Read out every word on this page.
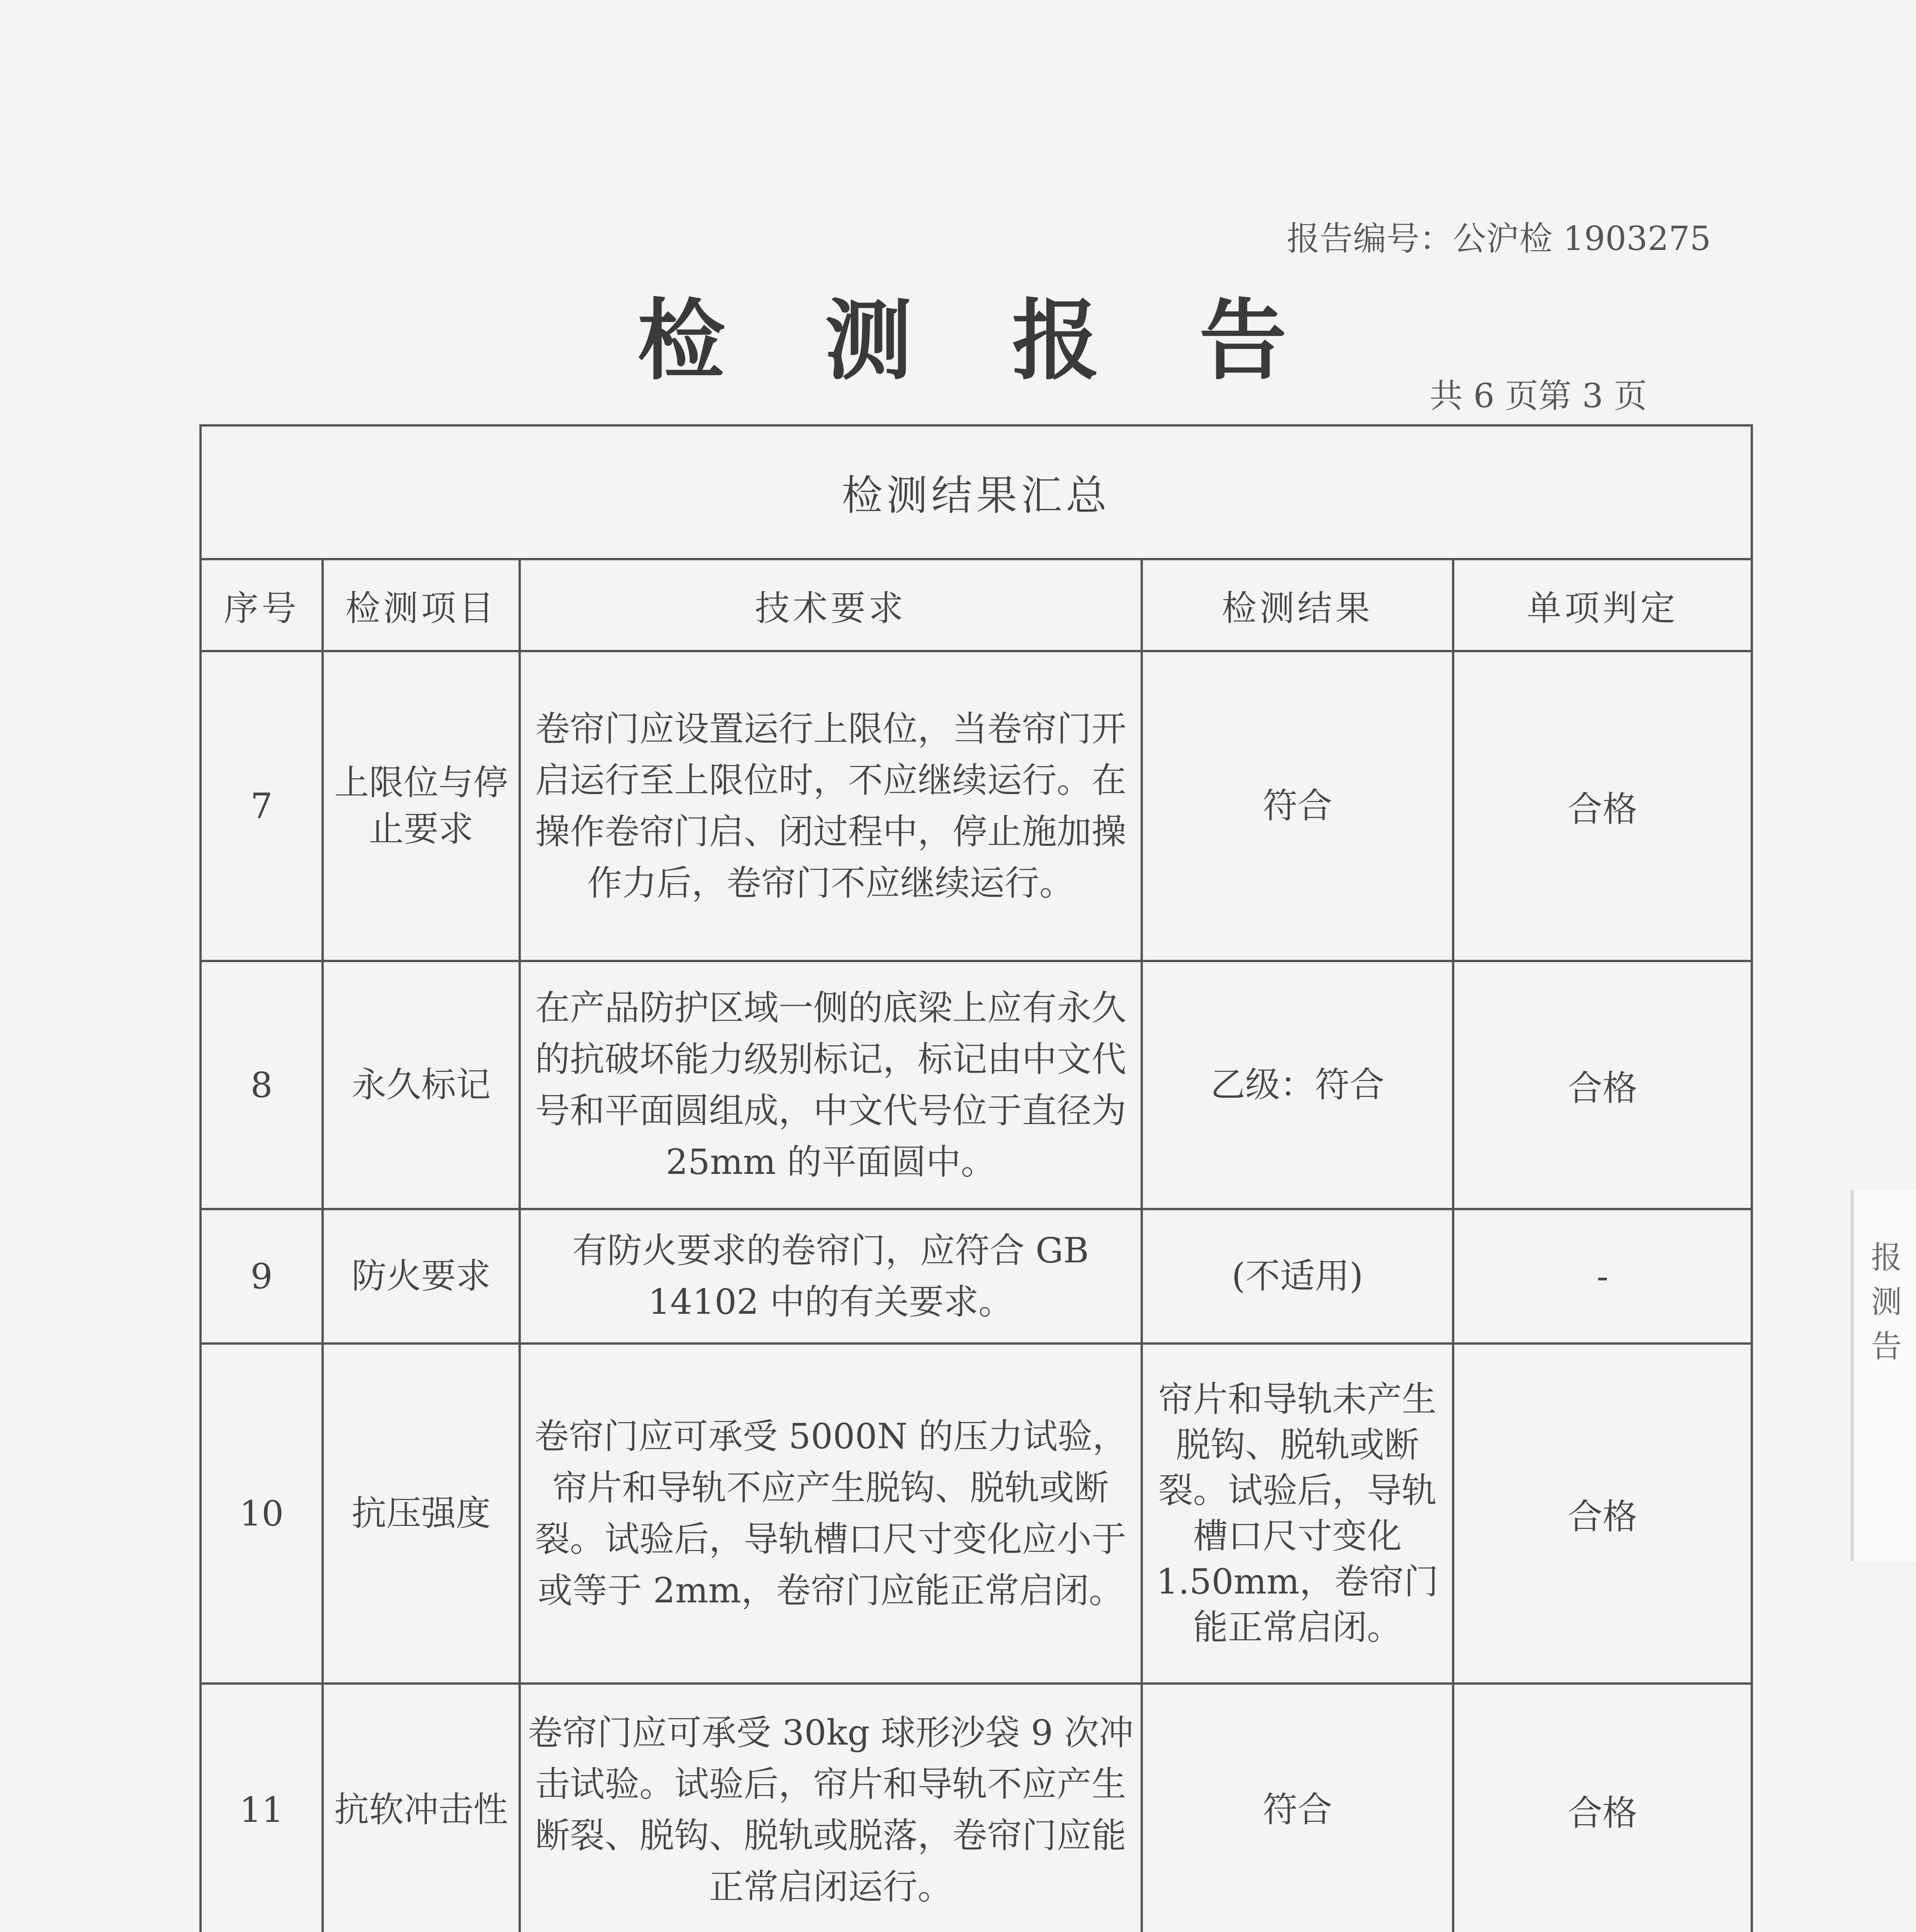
报告编号：公沪检 1903275
检 测 报 告
共 6 页第 3 页
检测结果汇总				
序号	检测项目	技术要求	检测结果	单项判定
7	上限位与停止要求	卷帘门应设置运行上限位，当卷帘门开启运行至上限位时，不应继续运行。在操作卷帘门启、闭过程中，停止施加操作力后，卷帘门不应继续运行。	符合	合格
8	永久标记	在产品防护区域一侧的底梁上应有永久的抗破坏能力级别标记，标记由中文代号和平面圆组成，中文代号位于直径为 25mm 的平面圆中。	乙级：符合	合格
9	防火要求	有防火要求的卷帘门，应符合 GB 14102 中的有关要求。	(不适用)	-
10	抗压强度	卷帘门应可承受 5000N 的压力试验，帘片和导轨不应产生脱钩、脱轨或断裂。试验后，导轨槽口尺寸变化应小于或等于 2mm，卷帘门应能正常启闭。	帘片和导轨未产生脱钩、脱轨或断裂。试验后，导轨槽口尺寸变化 1.50mm，卷帘门能正常启闭。	合格
11	抗软冲击性	卷帘门应可承受 30kg 球形沙袋 9 次冲击试验。试验后，帘片和导轨不应产生断裂、脱钩、脱轨或脱落，卷帘门应能正常启闭运行。	符合	合格

报 测 告
